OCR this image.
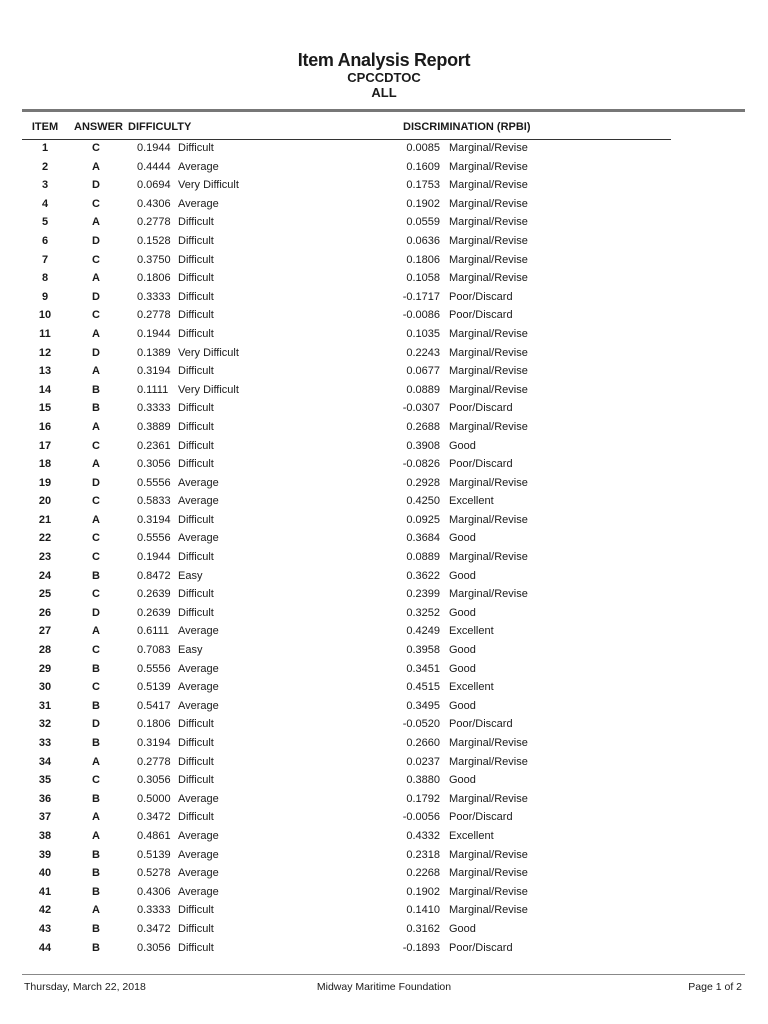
Item Analysis Report
CPCCDTOC
ALL
ITEM	ANSWER DIFFICULTY	DISCRIMINATION (RPBI)
1	C	0.1944 Difficult	0.0085 Marginal/Revise
2	A	0.4444 Average	0.1609 Marginal/Revise
3	D	0.0694 Very Difficult	0.1753 Marginal/Revise
4	C	0.4306 Average	0.1902 Marginal/Revise
5	A	0.2778 Difficult	0.0559 Marginal/Revise
6	D	0.1528 Difficult	0.0636 Marginal/Revise
7	C	0.3750 Difficult	0.1806 Marginal/Revise
8	A	0.1806 Difficult	0.1058 Marginal/Revise
9	D	0.3333 Difficult	-0.1717 Poor/Discard
10	C	0.2778 Difficult	-0.0086 Poor/Discard
11	A	0.1944 Difficult	0.1035 Marginal/Revise
12	D	0.1389 Very Difficult	0.2243 Marginal/Revise
13	A	0.3194 Difficult	0.0677 Marginal/Revise
14	B	0.1111 Very Difficult	0.0889 Marginal/Revise
15	B	0.3333 Difficult	-0.0307 Poor/Discard
16	A	0.3889 Difficult	0.2688 Marginal/Revise
17	C	0.2361 Difficult	0.3908 Good
18	A	0.3056 Difficult	-0.0826 Poor/Discard
19	D	0.5556 Average	0.2928 Marginal/Revise
20	C	0.5833 Average	0.4250 Excellent
21	A	0.3194 Difficult	0.0925 Marginal/Revise
22	C	0.5556 Average	0.3684 Good
23	C	0.1944 Difficult	0.0889 Marginal/Revise
24	B	0.8472 Easy	0.3622 Good
25	C	0.2639 Difficult	0.2399 Marginal/Revise
26	D	0.2639 Difficult	0.3252 Good
27	A	0.6111 Average	0.4249 Excellent
28	C	0.7083 Easy	0.3958 Good
29	B	0.5556 Average	0.3451 Good
30	C	0.5139 Average	0.4515 Excellent
31	B	0.5417 Average	0.3495 Good
32	D	0.1806 Difficult	-0.0520 Poor/Discard
33	B	0.3194 Difficult	0.2660 Marginal/Revise
34	A	0.2778 Difficult	0.0237 Marginal/Revise
35	C	0.3056 Difficult	0.3880 Good
36	B	0.5000 Average	0.1792 Marginal/Revise
37	A	0.3472 Difficult	-0.0056 Poor/Discard
38	A	0.4861 Average	0.4332 Excellent
39	B	0.5139 Average	0.2318 Marginal/Revise
40	B	0.5278 Average	0.2268 Marginal/Revise
41	B	0.4306 Average	0.1902 Marginal/Revise
42	A	0.3333 Difficult	0.1410 Marginal/Revise
43	B	0.3472 Difficult	0.3162 Good
44	B	0.3056 Difficult	-0.1893 Poor/Discard
Thursday, March 22, 2018	Midway Maritime Foundation	Page 1 of 2
